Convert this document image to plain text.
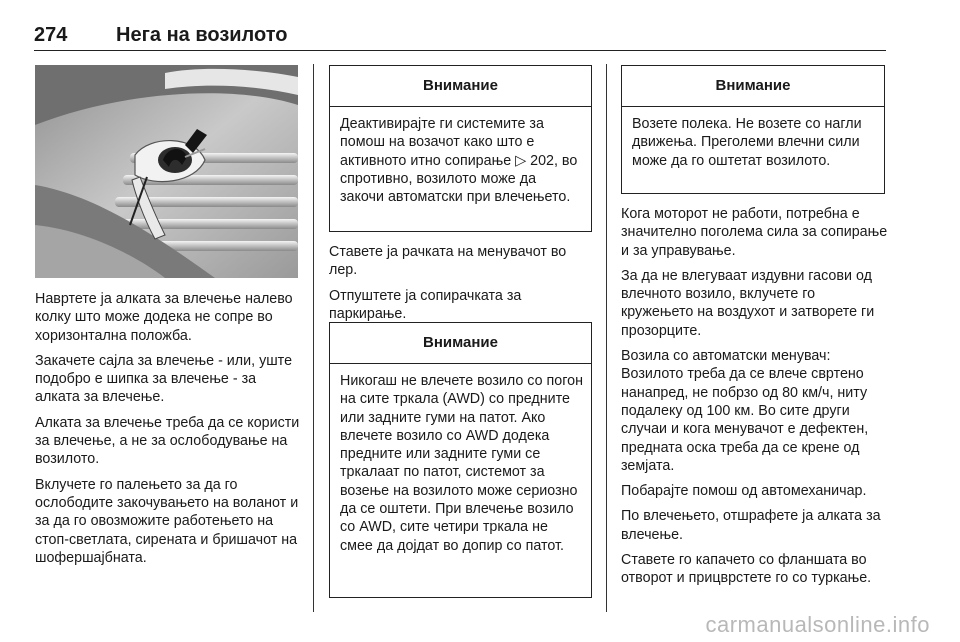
274 Нега на возилото

Навртете ја алката за влечење налево колку што може додека не сопре во хоризонтална положба.

Закачете сајла за влечење - или, уште подобро е шипка за влечење - за алката за влечење.

Алката за влечење треба да се користи за влечење, а не за ослободување на возилото.

Вклучете го палењето за да го ослободите закочувањето на воланот и за да го овозможите работењето на стоп-светлата, сирената и бришачот на шофершајбната.

Внимание
Деактивирајте ги системите за помош на возачот како што е активното итно сопирање ▷ 202, во спротивно, возилото може да закочи автоматски при влечењето.

Ставете ја рачката на менувачот во лер.

Отпуштете ја сопирачката за паркирање.

Внимание
Никогаш не влечете возило со погон на сите тркала (AWD) со предните или задните гуми на патот. Ако влечете возило со AWD додека предните или задните гуми се тркалаат по патот, системот за возење на возилото може сериозно да се оштети. При влечење возило со AWD, сите четири тркала не смее да дојдат во допир со патот.
Внимание
Возете полека. Не возете со нагли движења. Преголеми влечни сили може да го оштетат возилото.

Кога моторот не работи, потребна е значително поголема сила за сопирање и за управување.

За да не влегуваат издувни гасови од влечното возило, вклучете го кружењето на воздухот и затворете ги прозорците.

Возила со автоматски менувач: Возилото треба да се влече свртено нанапред, не побрзо од 80 км/ч, ниту подалеку од 100 км. Во сите други случаи и кога менувачот е дефектен, предната оска треба да се крене од земјата.

Побарајте помош од автомеханичар.

По влечењето, отшрафете ја алката за влечење.

Ставете го капачето со фланшата во отворот и прицврстете го со туркање.

carmanualsonline.info
